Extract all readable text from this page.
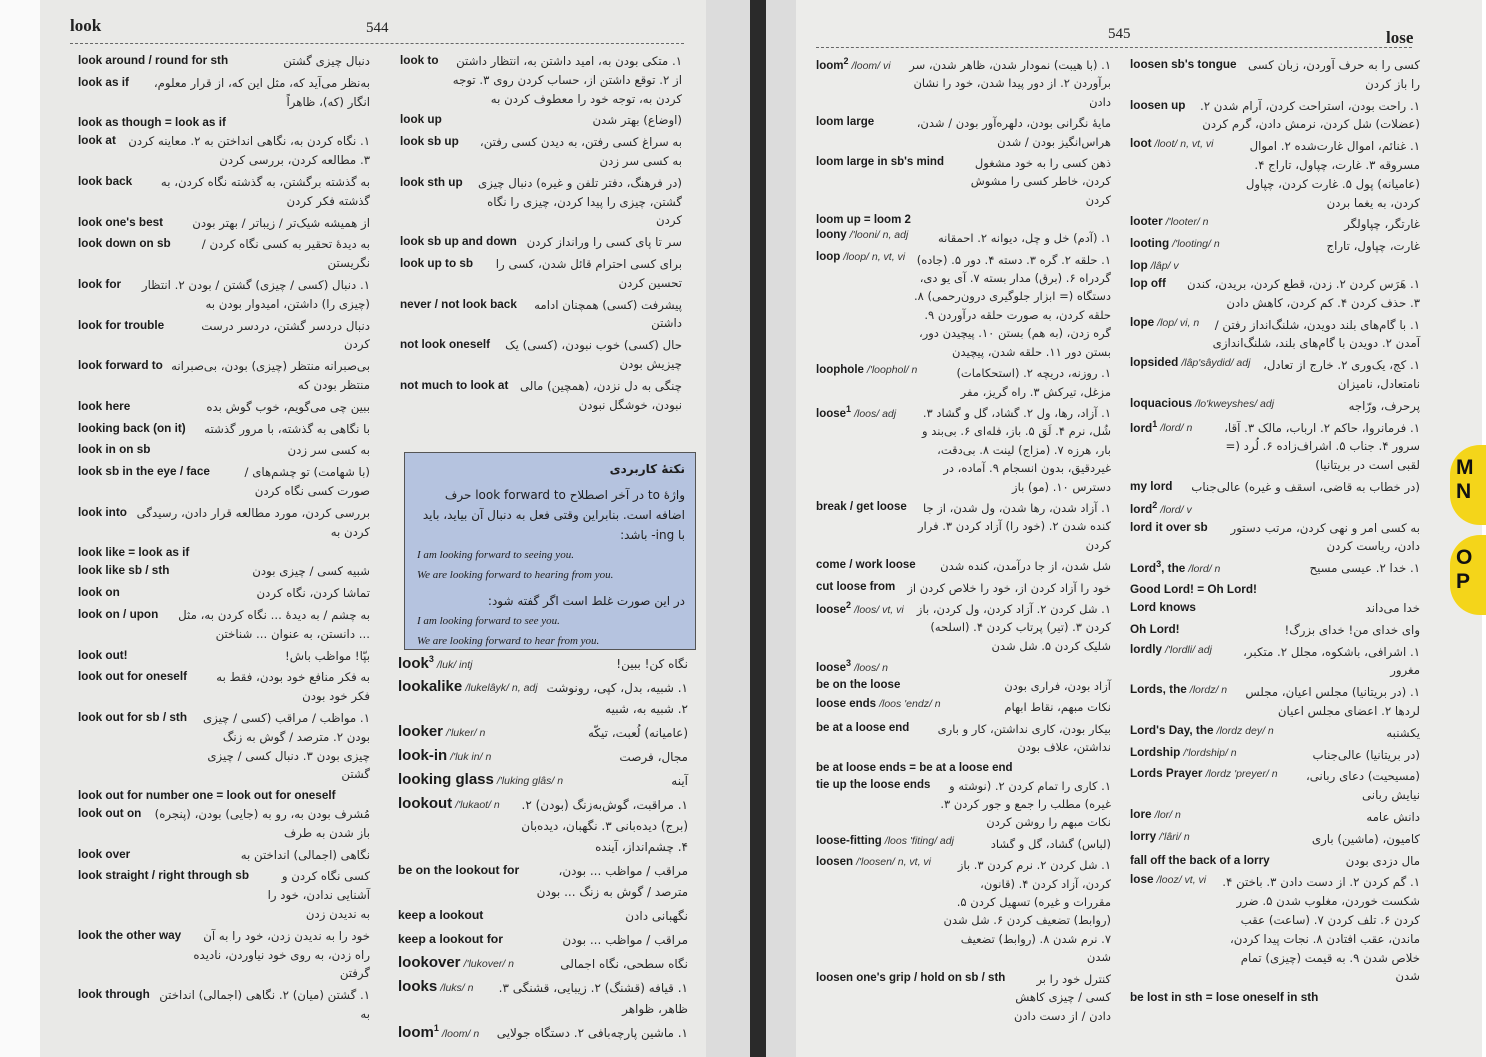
look	544
look around / round for sth	دنبال چیزی گشتن
look as if	به‌نظر می‌آید که، مثل این که، از قرار معلوم، انگار (که)، ظاهراً
look as though = look as if
look at	۱. نگاه کردن به، نگاهی انداختن به ۲. معاینه کردن ۳. مطالعه کردن، بررسی کردن
look back	به گذشته برگشتن، به گذشته نگاه کردن، به گذشته فکر کردن
look one's best	از همیشه شیک‌تر / زیباتر / بهتر بودن
look down on sb	به دیدهٔ تحقیر به کسی نگاه کردن / نگریستن
look for	۱. دنبال (کسی / چیزی) گشتن / بودن ۲. انتظار (چیزی را) داشتن، امیدوار بودن به
look for trouble	دنبال دردسر گشتن، دردسر درست کردن
look forward to بی‌صبرانه منتظر (چیزی) بودن، بی‌صبرانه منتظر بودن که
look here	ببین چی می‌گویم، خوب گوش بده
looking back (on it)	با نگاهی به گذشته، با مرور گذشته
look in on sb	به کسی سر زدن
look sb in the eye / face	(با شهامت) تو چشم‌های / صورت کسی نگاه کردن
look into بررسی کردن، مورد مطالعه قرار دادن، رسیدگی کردن به
look like = look as if
look like sb / sth	شبیه کسی / چیزی بودن
look on	تماشا کردن، نگاه کردن
look on / upon	به چشم / به دیدهٔ ... نگاه کردن به، مثل ... دانستن، به عنوان ... شناختن
look out!	بپّا! مواظب باش!
look out for oneself	به فکر منافع خود بودن، فقط به فکر خود بودن
look out for sb / sth	۱. مواظب / مراقب (کسی / چیزی بودن ۲. مترصد / گوش به زنگ چیزی بودن ۳. دنبال کسی / چیزی گشتن
look out for number one = look out for oneself
look out on	مُشرف بودن به، رو به (جایی) بودن، (پنجره) باز شدن به طرف
look over	نگاهی (اجمالی) انداختن به
look straight / right through sb	کسی نگاه کردن و آشنایی ندادن، خود را به ندیدن زدن
look the other way	خود را به ندیدن زدن، خود را به آن راه زدن، به روی خود نیاوردن، نادیده گرفتن
look through ۱. گشتن (میان) ۲. نگاهی (اجمالی) انداختن به
look to	۱. متکی بودن به، امید داشتن به، انتظار داشتن از ۲. توقع داشتن از، حساب کردن روی ۳. توجه کردن به، توجه خود را معطوف کردن به
look up	(اوضاع) بهتر شدن
look sb up	به سراغ کسی رفتن، به دیدن کسی رفتن، به کسی سر زدن
look sth up	(در فرهنگ، دفتر تلفن و غیره) دنبال چیزی گشتن، چیزی را پیدا کردن، چیزی را نگاه کردن
look sb up and down سر تا پای کسی را ورانداز کردن
look up to sb	برای کسی احترام قائل شدن، کسی را تحسین کردن
never / not look back	پیشرفت (کسی) همچنان ادامه داشتن
not look oneself	حال (کسی) خوب نبودن، (کسی) یک چیزیش بودن
not much to look at چنگی به دل نزدن، (همچین) مالی نبودن، خوشگل نبودن
نکتهٔ کاربردی
واژهٔ to در آخر اصطلاح look forward to حرف اضافه است. بنابراین وقتی فعل به دنبال آن بیاید، باید با ‎-ing‎ باشد:
I am looking forward to seeing you.
We are looking forward to hearing from you.
در این صورت غلط است اگر گفته شود:
I am looking forward to see you.
We are looking forward to hear from you.
look$^3$ /luk/ intj	نگاه کن! ببین!
lookalike /lukelâyk/ n, adj ۱. شبیه، بدل، کپی، رونوشت ۲. شبیه به، شبیه
looker /'luker/ n	(عامیانه) لُعبت، تیکّه
look-in /'luk in/ n	مجال، فرصت
looking glass /'luking glâs/ n	آینه
lookout /'lukaot/ n	۱. مراقبت، گوش‌به‌زنگ (بودن) ۲. (برج) دیده‌بانی ۳. نگهبان، دیده‌بان ۴. چشم‌انداز، آینده
be on the lookout for	مراقب / مواظب ... بودن، مترصد / گوش به زنگ ... بودن
keep a lookout	نگهبانی دادن
keep a lookout for	مراقب / مواظب ... بودن
lookover /'lukover/ n	نگاه سطحی، نگاه اجمالی
looks /luks/ n	۱. قیافه (قشنگ) ۲. زیبایی، قشنگی ۳. ظاهر، ظواهر
loom$^1$ /loom/ n	۱. ماشین پارچه‌بافی ۲. دستگاه جولایی
545	lose
loom$^2$ /loom/ vi	۱. (با هیبت) نمودار شدن، ظاهر شدن، سر برآوردن ۲. از دور پیدا شدن، خود را نشان دادن
loom large	مایهٔ نگرانی بودن، دلهره‌آور بودن / شدن، هراس‌انگیز بودن / شدن
loom large in sb's mind	ذهن کسی را به خود مشغول کردن، خاطر کسی را مشوش کردن
loom up = loom 2
loony /'looni/ n, adj	۱. (آدم) خل و چل، دیوانه ۲. احمقانه
loop /loop/ n, vt, vi	۱. حلقه ۲. گره ۳. دسته ۴. دور ۵. (جاده) گردراه ۶. (برق) مدار بسته ۷. آی یو دی، دستگاه (= ابزار جلوگیری درون‌رحمی) ۸. حلقه کردن، به صورت حلقه درآوردن ۹. گره زدن، (به هم) بستن ۱۰. پیچیدن دور، بستن دور ۱۱. حلقه شدن، پیچیدن
loophole /'loophol/ n	۱. روزنه، دریچه ۲. (استحکامات) مزغل، تیرکش ۳. راه گریز، مفر
loose$^1$ /loos/ adj	۱. آزاد، رها، ول ۲. گشاد، گل و گشاد ۳. شُل، نرم ۴. لَق ۵. باز، فله‌ای ۶. بی‌بند و بار، هرزه ۷. (مزاج) لینت ۸. بی‌دقت، غیردقیق، بدون انسجام ۹. آماده، در دسترس ۱۰. (مو) باز
break / get loose	۱. آزاد شدن، رها شدن، ول شدن، از جا کنده شدن ۲. (خود را) آزاد کردن ۳. فرار کردن
come / work loose	شل شدن، از جا درآمدن، کنده شدن
cut loose from	خود را آزاد کردن از، خود را خلاص کردن از
loose$^2$ /loos/ vt, vi	۱. شل کردن ۲. آزاد کردن، ول کردن، باز کردن ۳. (تیر) پرتاب کردن ۴. (اسلحه) شلیک کردن ۵. شل شدن
loose$^3$ /loos/ n
be on the loose	آزاد بودن، فراری بودن
loose ends /loos 'endz/ n	نکات مبهم، نقاط ابهام
be at a loose end	بیکار بودن، کاری نداشتن، کار و باری نداشتن، علاف بودن
be at loose ends = be at a loose end
tie up the loose ends	۱. کاری را تمام کردن ۲. (نوشته و غیره) مطلب را جمع و جور کردن ۳. نکات مبهم را روشن کردن
loose-fitting /loos 'fiting/ adj	(لباس) گشاد، گل و گشاد
loosen /'loosen/ n, vt, vi	۱. شل کردن ۲. نرم کردن ۳. باز کردن، آزاد کردن ۴. (قانون، مقررات و غیره) تسهیل کردن ۵. (روابط) تضعیف کردن ۶. شل شدن ۷. نرم شدن ۸. (روابط) تضعیف شدن
loosen one's grip / hold on sb / sth	کنترل خود را بر کسی / چیزی کاهش دادن / از دست دادن
loosen sb's tongue کسی را به حرف آوردن، زبان کسی را باز کردن
loosen up	۱. راحت بودن، استراحت کردن، آرام شدن ۲. (عضلات) شل کردن، نرمش دادن، گرم کردن
loot /loot/ n, vt, vi	۱. غنائم، اموال غارت‌شده ۲. اموال مسروقه ۳. غارت، چپاول، تاراج ۴. (عامیانه) پول ۵. غارت کردن، چپاول کردن، به یغما بردن
looter /'looter/ n	غارتگر، چپاولگر
looting /'looting/ n	غارت، چپاول، تاراج
lop /lâp/ v
lop off	۱. هَرَس کردن ۲. زدن، قطع کردن، بریدن، کندن ۳. حذف کردن ۴. کم کردن، کاهش دادن
lope /lop/ vi, n	۱. با گام‌های بلند دویدن، شلنگ‌انداز رفتن / آمدن ۲. دویدن با گام‌های بلند، شلنگ‌اندازی
lopsided /lâp'sâydid/ adj	۱. کج، یک‌وری ۲. خارج از تعادل، نامتعادل، نامیزان
loquacious /lo'kweyshes/ adj	پرحرف، ورّاجه
lord$^1$ /lord/ n	۱. فرمانروا، حاکم ۲. ارباب، مالک ۳. آقا، سرور ۴. جناب ۵. اشراف‌زاده ۶. لُرد (= لقبی است در بریتانیا)
my lord	(در خطاب به قاضی، اسقف و غیره) عالی‌جناب
lord$^2$ /lord/ v
lord it over sb	به کسی امر و نهی کردن، مرتب دستور دادن، ریاست کردن
Lord$^3$, the /lord/ n	۱. خدا ۲. عیسی مسیح
Good Lord! = Oh Lord!
Lord knows	خدا می‌داند
Oh Lord!	وای خدای من! خدای بزرگ!
lordly /'lordli/ adj	۱. اشرافی، باشکوه، مجلل ۲. متکبر، مغرور
Lords, the /lordz/ n	۱. (در بریتانیا) مجلس اعیان، مجلس لردها ۲. اعضای مجلس اعیان
Lord's Day, the /lordz dey/ n	یکشنبه
Lordship /'lordship/ n	(در بریتانیا) عالی‌جناب
Lords Prayer /lordz 'preyer/ n	(مسیحیت) دعای ربانی، نیایش ربانی
lore /lor/ n	دانش عامه
lorry /'lâri/ n	کامیون، (ماشین) باری
fall off the back of a lorry	مال دزدی بودن
lose /looz/ vt, vi	۱. گم کردن ۲. از دست دادن ۳. باختن ۴. شکست خوردن، مغلوب شدن ۵. ضرر کردن ۶. تلف کردن ۷. (ساعت) عقب ماندن، عقب افتادن ۸. نجات پیدا کردن، خلاص شدن ۹. به قیمت (چیزی) تمام شدن
be lost in sth = lose oneself in sth
M
N
O
P
